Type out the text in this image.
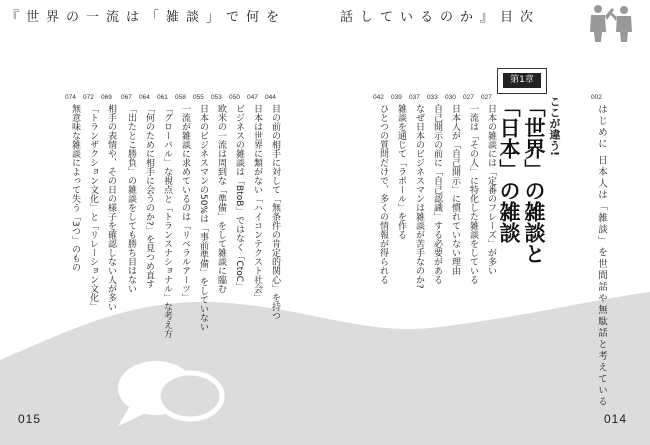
『世界の一流は「雑談」で何を	話しているのか』目次
002
はじめに 日本人は「雑談」を世間話や無駄話と考えている
第1章
ここが違う!
「世界」の雑談と
「日本」の雑談
027
日本の雑談には「定番のフレーズ」が多い
027
一流は「その人」に特化した雑談をしている
030
日本人が「自己開示」に慣れていない理由
033
自己開示の前に「自己認識」する必要がある
037
なぜ日本のビジネスマンは雑談が苦手なのか?
039
雑談を通じて「ラポール」を作る
042
ひとつの質問だけで、多くの情報が得られる
044
目の前の相手に対して「無条件の肯定的関心」を持つ
047
日本は世界に類がない「ハイコンテクスト社会」
050
ビジネスの雑談は「BtoB」ではなく「CtoC」
053
欧米の一流は周到な「準備」をして雑談に臨む
055
日本のビジネスマンの50%は「事前準備」をしていない
058
一流が雑談に求めているのは「リベラルアーツ」
061
「グローバル」な視点と「トランスナショナル」な考え方
064
「何のために相手に会うのか?」を見つめ直す
067
「出たとこ勝負」の雑談をしても勝ち目はない
069
相手の表情や、その日の様子を確認しない人が多い
072
「トランザクション文化」と「リレーション文化」
074
無意味な雑談によって失う「3つ」のもの
015	014
